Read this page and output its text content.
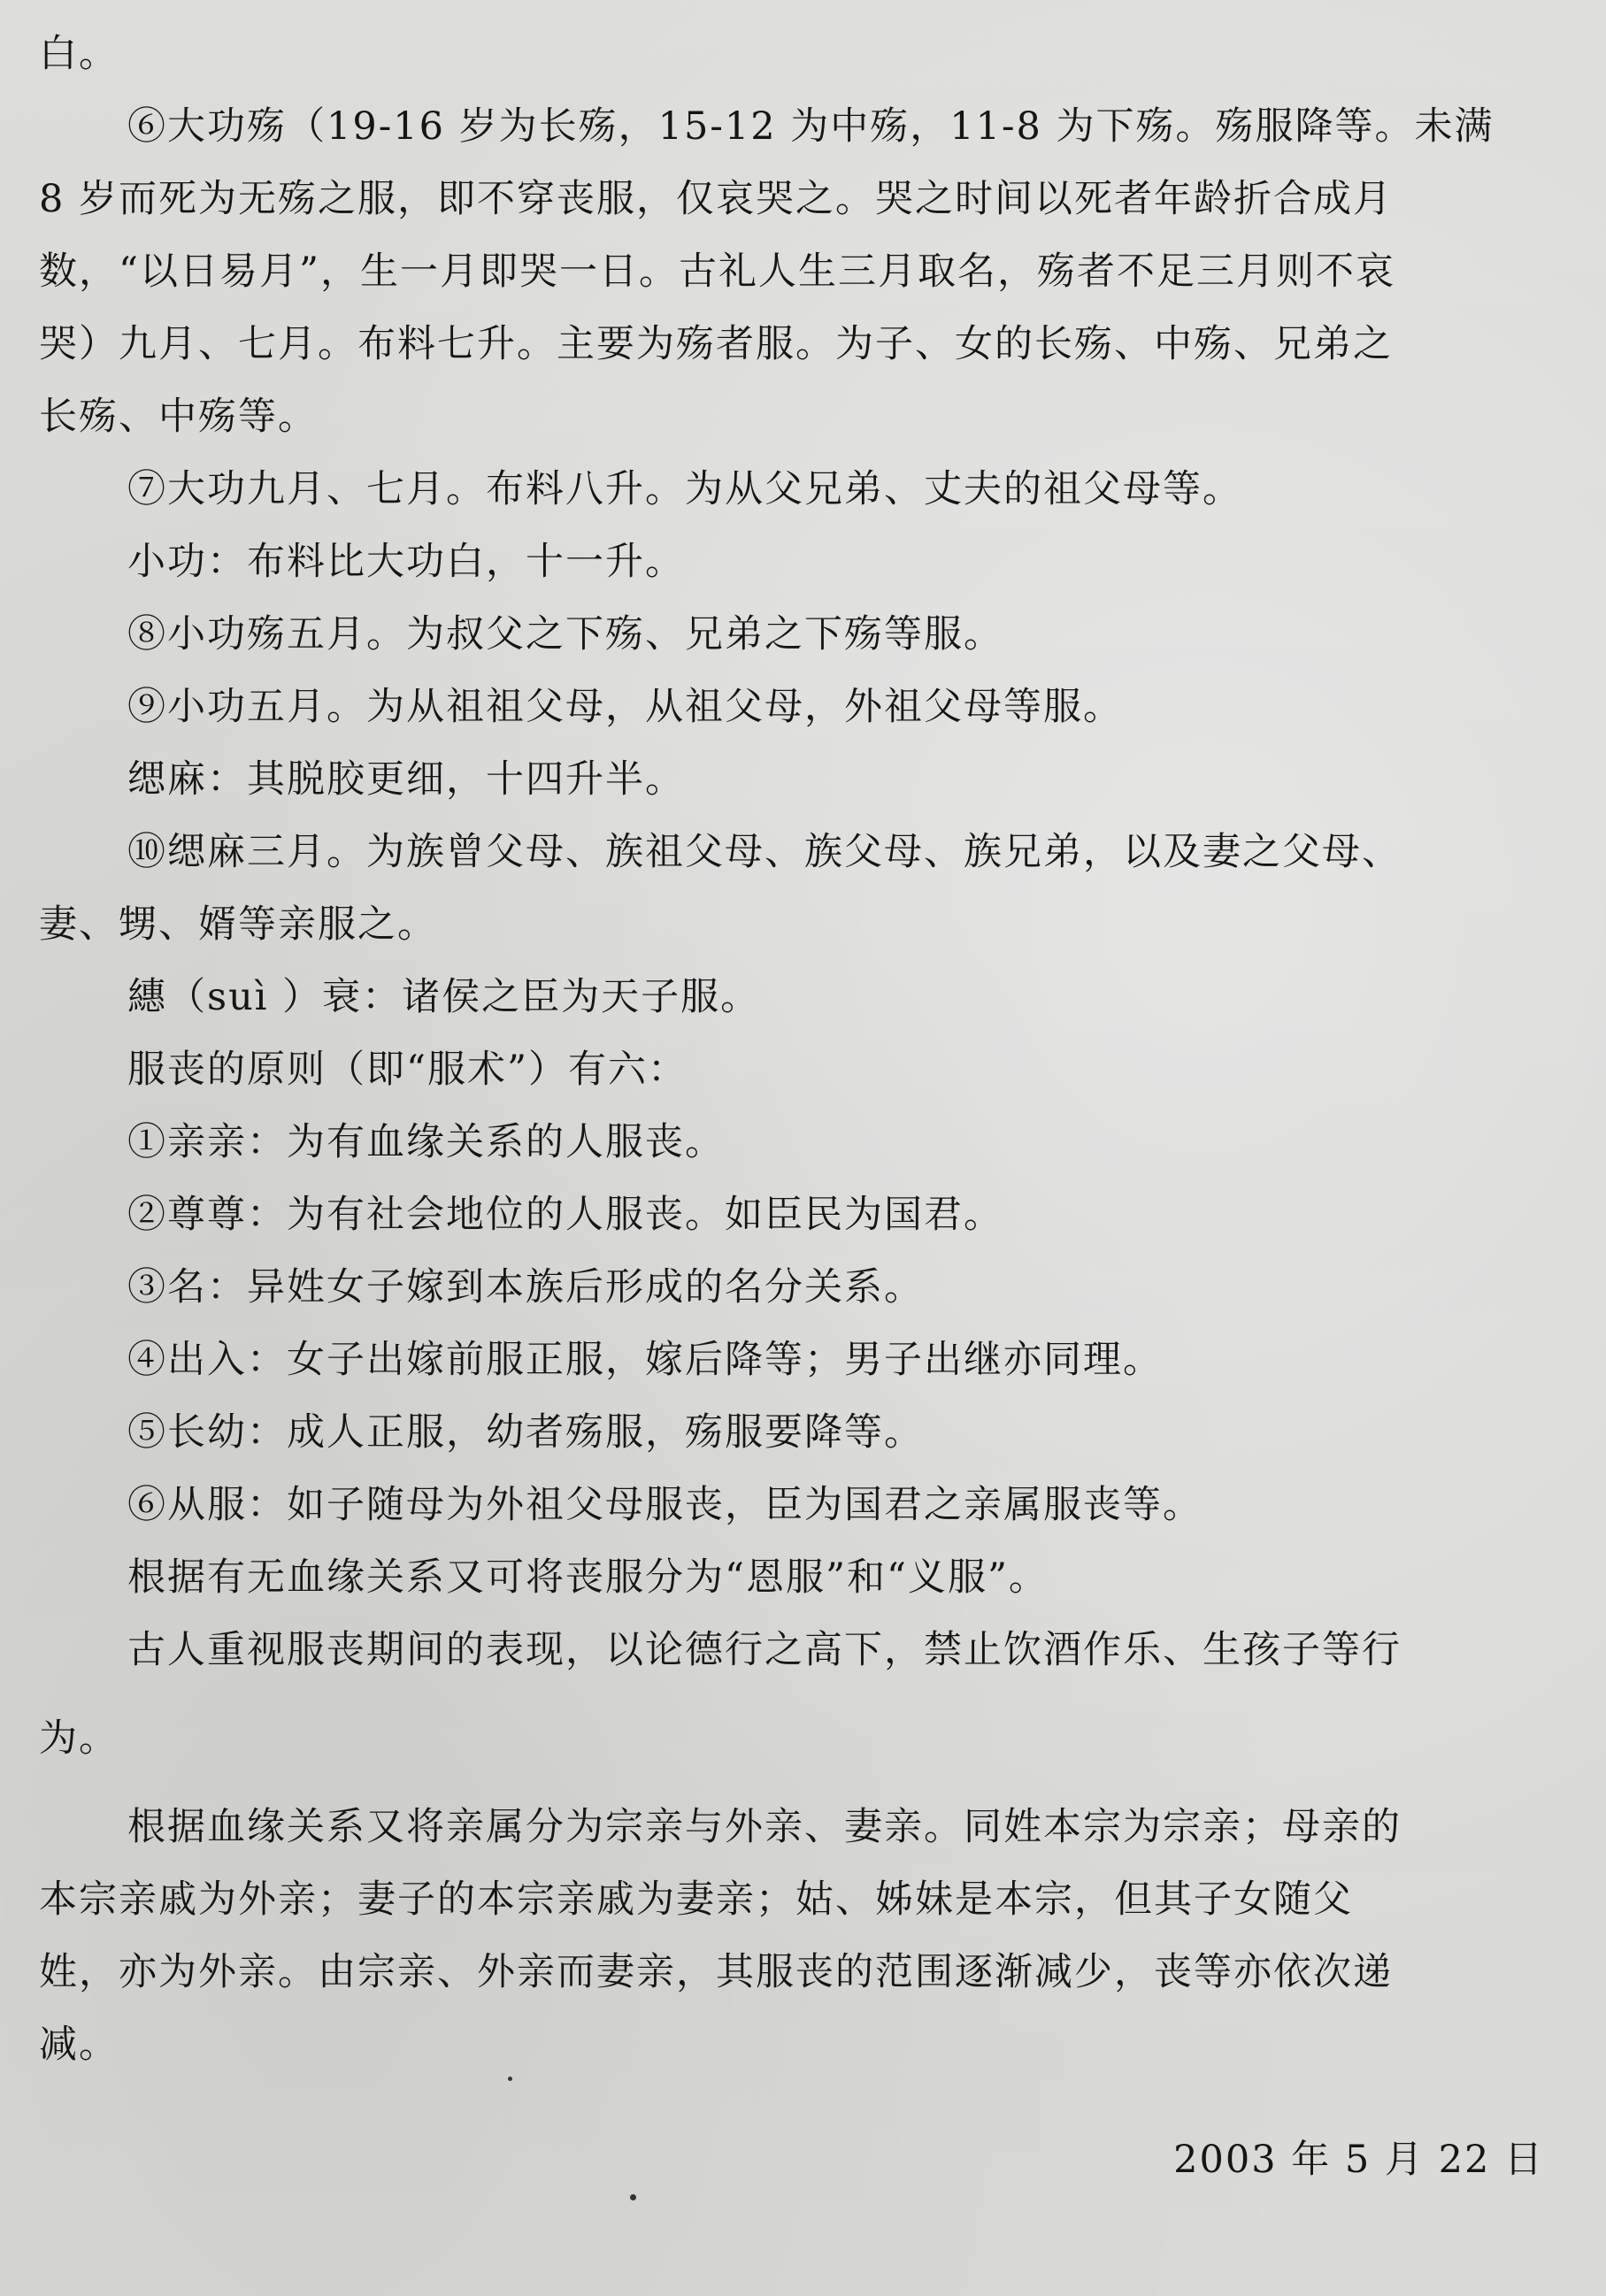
白。

⑥大功殇（19-16 岁为长殇，15-12 为中殇，11-8 为下殇。殇服降等。未满

8 岁而死为无殇之服，即不穿丧服，仅哀哭之。哭之时间以死者年龄折合成月

数，“以日易月”，生一月即哭一日。古礼人生三月取名，殇者不足三月则不哀

哭）九月、七月。布料七升。主要为殇者服。为子、女的长殇、中殇、兄弟之

长殇、中殇等。

⑦大功九月、七月。布料八升。为从父兄弟、丈夫的祖父母等。

小功：布料比大功白，十一升。

⑧小功殇五月。为叔父之下殇、兄弟之下殇等服。

⑨小功五月。为从祖祖父母，从祖父母，外祖父母等服。

缌麻：其脱胶更细，十四升半。

⑩缌麻三月。为族曾父母、族祖父母、族父母、族兄弟，以及妻之父母、

妻、甥、婿等亲服之。

繐（suì ）衰：诸侯之臣为天子服。

服丧的原则（即“服术”）有六：

①亲亲：为有血缘关系的人服丧。

②尊尊：为有社会地位的人服丧。如臣民为国君。

③名：异姓女子嫁到本族后形成的名分关系。

④出入：女子出嫁前服正服，嫁后降等；男子出继亦同理。

⑤长幼：成人正服，幼者殇服，殇服要降等。

⑥从服：如子随母为外祖父母服丧，臣为国君之亲属服丧等。

根据有无血缘关系又可将丧服分为“恩服”和“义服”。

古人重视服丧期间的表现，以论德行之高下，禁止饮酒作乐、生孩子等行

为。

根据血缘关系又将亲属分为宗亲与外亲、妻亲。同姓本宗为宗亲；母亲的

本宗亲戚为外亲；妻子的本宗亲戚为妻亲；姑、姊妹是本宗，但其子女随父

姓，亦为外亲。由宗亲、外亲而妻亲，其服丧的范围逐渐减少，丧等亦依次递

减。

2003 年 5 月 22 日
